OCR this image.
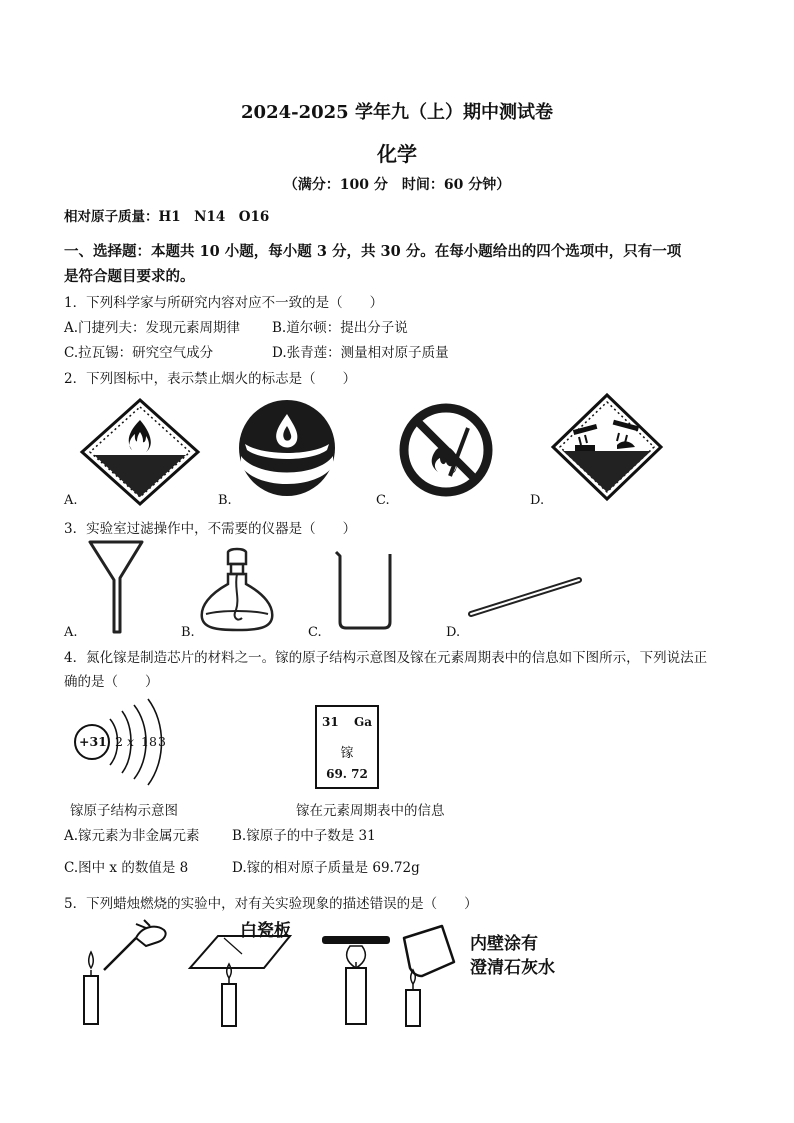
2024-2025 学年九（上）期中测试卷
化学
（满分：100 分　时间：60 分钟）
相对原子质量：H1　N14　O16
一、选择题：本题共 10 小题，每小题 3 分，共 30 分。在每小题给出的四个选项中，只有一项
是符合题目要求的。
1．下列科学家与所研究内容对应不一致的是（　　）
A.门捷列夫：发现元素周期律 B.道尔顿：提出分子说
C.拉瓦锡：研究空气成分	D.张青莲：测量相对原子质量
2．下列图标中，表示禁止烟火的标志是（　　）
A.	B.	C.	D.
3．实验室过滤操作中，不需要的仪器是（　　）
A.	B.	C.	D.
4．氮化镓是制造芯片的材料之一。镓的原子结构示意图及镓在元素周期表中的信息如下图所示，下列说法正
确的是（　　）
+31 2 x 18 3
31 Ga
镓
69. 72
镓原子结构示意图	镓在元素周期表中的信息
A.镓元素为非金属元素 B.镓原子的中子数是 31
C.图中 x 的数值是 8	D.镓的相对原子质量是 69.72g
5．下列蜡烛燃烧的实验中，对有关实验现象的描述错误的是（　　）
白瓷板
内壁涂有
澄清石灰水
